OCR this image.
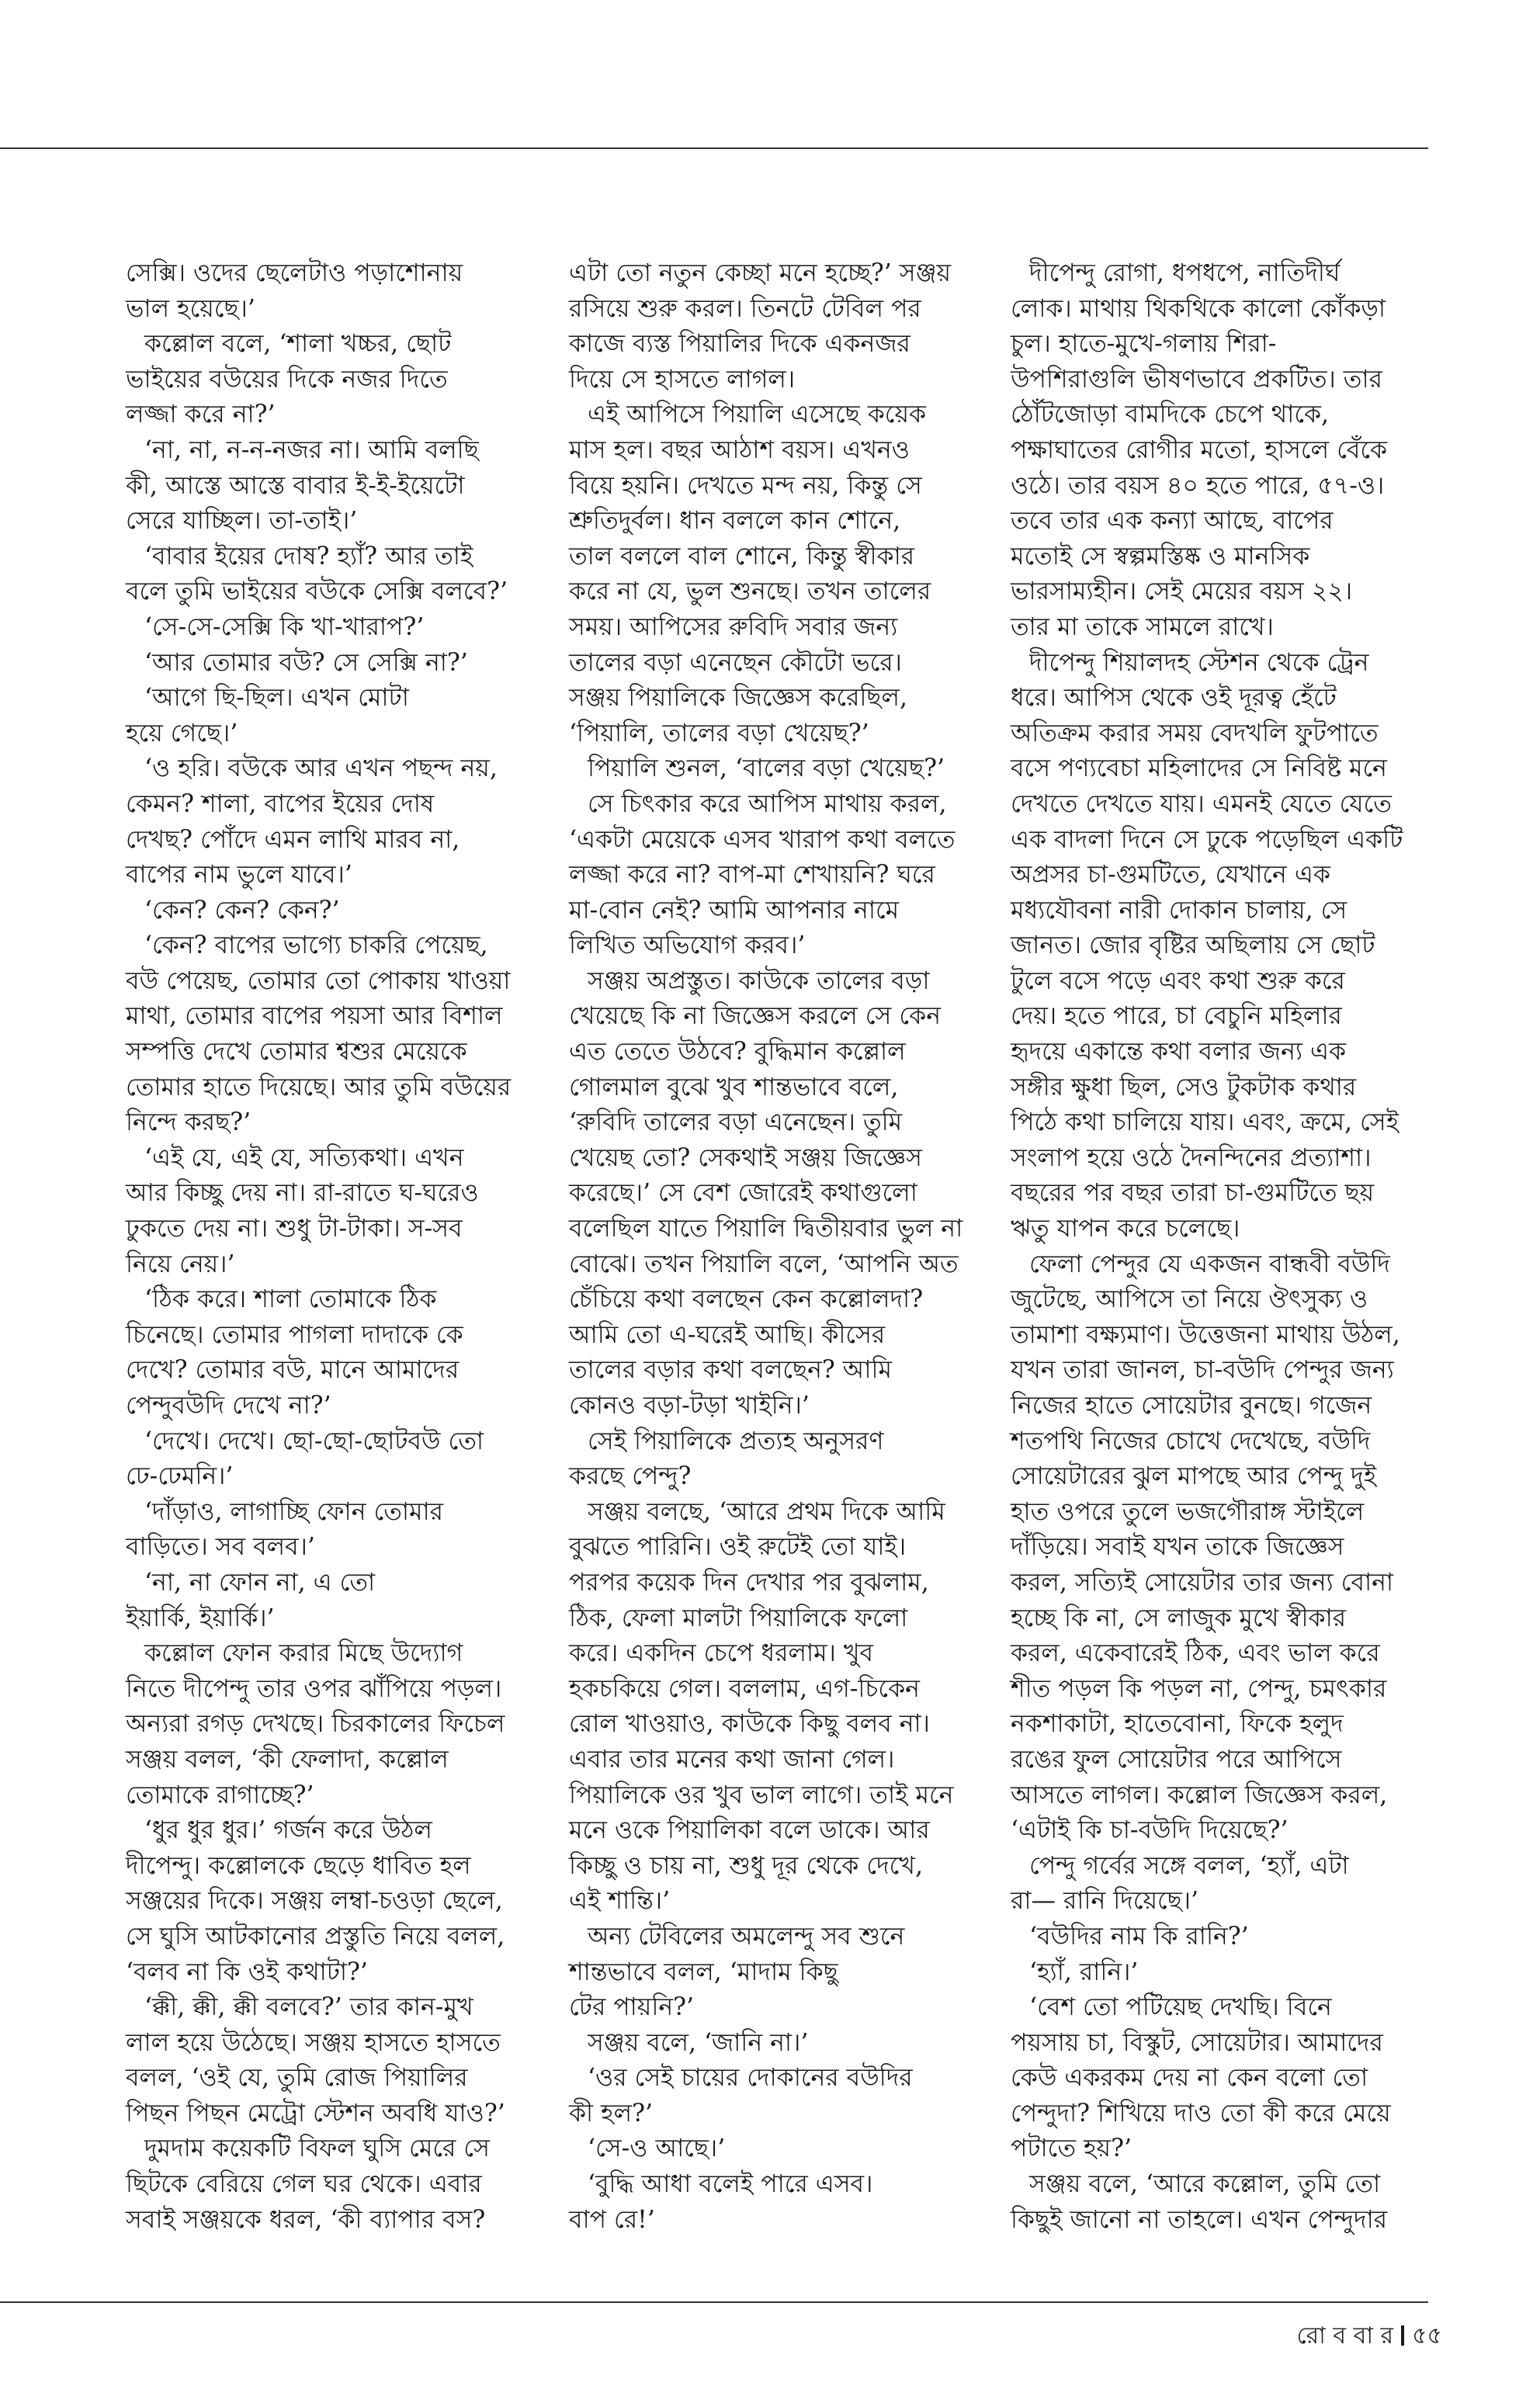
সেক্সি। ওদের ছেলেটাও পড়াশোনায়
ভাল হয়েছে।’
কল্লোল বলে, ‘শালা খচ্চর, ছোট
ভাইয়ের বউয়ের দিকে নজর দিতে
লজ্জা করে না?’
‘না, না, ন-ন-নজর না। আমি বলছি
কী, আস্তে আস্তে বাবার ই-ই-ইয়েটো
সেরে যাচ্ছিল। তা-তাই।’
‘বাবার ইয়ের দোষ? হ্যাঁ? আর তাই
বলে তুমি ভাইয়ের বউকে সেক্সি বলবে?’
‘সে-সে-সেক্সি কি খা-খারাপ?’
‘আর তোমার বউ? সে সেক্সি না?’
‘আগে ছি-ছিল। এখন মোটা
হয়ে গেছে।’
‘ও হরি। বউকে আর এখন পছন্দ নয়,
কেমন? শালা, বাপের ইয়ের দোষ
দেখছ? পোঁদে এমন লাথি মারব না,
বাপের নাম ভুলে যাবে।’
‘কেন? কেন? কেন?’
‘কেন? বাপের ভাগ্যে চাকরি পেয়েছ,
বউ পেয়েছ, তোমার তো পোকায় খাওয়া
মাথা, তোমার বাপের পয়সা আর বিশাল
সম্পত্তি দেখে তোমার শ্বশুর মেয়েকে
তোমার হাতে দিয়েছে। আর তুমি বউয়ের
নিন্দে করছ?’
‘এই যে, এই যে, সত্যিকথা। এখন
আর কিচ্ছু দেয় না। রা-রাতে ঘ-ঘরেও
ঢুকতে দেয় না। শুধু টা-টাকা। স-সব
নিয়ে নেয়।’
‘ঠিক করে। শালা তোমাকে ঠিক
চিনেছে। তোমার পাগলা দাদাকে কে
দেখে? তোমার বউ, মানে আমাদের
পেন্দুবউদি দেখে না?’
‘দেখে। দেখে। ছো-ছো-ছোটবউ তো
ঢে-ঢেমনি।’
‘দাঁড়াও, লাগাচ্ছি ফোন তোমার
বাড়িতে। সব বলব।’
‘না, না ফোন না, এ তো
ইয়ার্কি, ইয়ার্কি।’
কল্লোল ফোন করার মিছে উদ্যোগ
নিতে দীপেন্দু তার ওপর ঝাঁপিয়ে পড়ল।
অন্যরা রগড় দেখছে। চিরকালের ফিচেল
সঞ্জয় বলল, ‘কী ফেলাদা, কল্লোল
তোমাকে রাগাচ্ছে?’
‘ধুর ধুর ধুর।’ গর্জন করে উঠল
দীপেন্দু। কল্লোলকে ছেড়ে ধাবিত হল
সঞ্জয়ের দিকে। সঞ্জয় লম্বা-চওড়া ছেলে,
সে ঘুসি আটকানোর প্রস্তুতি নিয়ে বলল,
‘বলব না কি ওই কথাটা?’
‘ক্কী, ক্কী, ক্কী বলবে?’ তার কান-মুখ
লাল হয়ে উঠেছে। সঞ্জয় হাসতে হাসতে
বলল, ‘ওই যে, তুমি রোজ পিয়ালির
পিছন পিছন মেট্রো স্টেশন অবধি যাও?’
দুমদাম কয়েকটি বিফল ঘুসি মেরে সে
ছিটকে বেরিয়ে গেল ঘর থেকে। এবার
সবাই সঞ্জয়কে ধরল, ‘কী ব্যাপার বস?
এটা তো নতুন কেচ্ছা মনে হচ্ছে?’ সঞ্জয়
রসিয়ে শুরু করল। তিনটে টেবিল পর
কাজে ব্যস্ত পিয়ালির দিকে একনজর
দিয়ে সে হাসতে লাগল।
এই আপিসে পিয়ালি এসেছে কয়েক
মাস হল। বছর আঠাশ বয়স। এখনও
বিয়ে হয়নি। দেখতে মন্দ নয়, কিন্তু সে
শ্রুতিদুর্বল। ধান বললে কান শোনে,
তাল বললে বাল শোনে, কিন্তু স্বীকার
করে না যে, ভুল শুনছে। তখন তালের
সময়। আপিসের রুবিদি সবার জন্য
তালের বড়া এনেছেন কৌটো ভরে।
সঞ্জয় পিয়ালিকে জিজ্ঞেস করেছিল,
‘পিয়ালি, তালের বড়া খেয়েছ?’
পিয়ালি শুনল, ‘বালের বড়া খেয়েছ?’
সে চিৎকার করে আপিস মাথায় করল,
‘একটা মেয়েকে এসব খারাপ কথা বলতে
লজ্জা করে না? বাপ-মা শেখায়নি? ঘরে
মা-বোন নেই? আমি আপনার নামে
লিখিত অভিযোগ করব।’
সঞ্জয় অপ্রস্তুত। কাউকে তালের বড়া
খেয়েছে কি না জিজ্ঞেস করলে সে কেন
এত তেতে উঠবে? বুদ্ধিমান কল্লোল
গোলমাল বুঝে খুব শান্তভাবে বলে,
‘রুবিদি তালের বড়া এনেছেন। তুমি
খেয়েছ তো? সেকথাই সঞ্জয় জিজ্ঞেস
করেছে।’ সে বেশ জোরেই কথাগুলো
বলেছিল যাতে পিয়ালি দ্বিতীয়বার ভুল না
বোঝে। তখন পিয়ালি বলে, ‘আপনি অত
চেঁচিয়ে কথা বলছেন কেন কল্লোলদা?
আমি তো এ-ঘরেই আছি। কীসের
তালের বড়ার কথা বলছেন? আমি
কোনও বড়া-টড়া খাইনি।’
সেই পিয়ালিকে প্রত্যহ অনুসরণ
করছে পেন্দু?
সঞ্জয় বলছে, ‘আরে প্রথম দিকে আমি
বুঝতে পারিনি। ওই রুটেই তো যাই।
পরপর কয়েক দিন দেখার পর বুঝলাম,
ঠিক, ফেলা মালটা পিয়ালিকে ফলো
করে। একদিন চেপে ধরলাম। খুব
হকচকিয়ে গেল। বললাম, এগ-চিকেন
রোল খাওয়াও, কাউকে কিছু বলব না।
এবার তার মনের কথা জানা গেল।
পিয়ালিকে ওর খুব ভাল লাগে। তাই মনে
মনে ওকে পিয়ালিকা বলে ডাকে। আর
কিচ্ছু ও চায় না, শুধু দূর থেকে দেখে,
এই শান্তি।’
অন্য টেবিলের অমলেন্দু সব শুনে
শান্তভাবে বলল, ‘মাদাম কিছু
টের পায়নি?’
সঞ্জয় বলে, ‘জানি না।’
‘ওর সেই চায়ের দোকানের বউদির
কী হল?’
‘সে-ও আছে।’
‘বুদ্ধি আধা বলেই পারে এসব।
বাপ রে!’
দীপেন্দু রোগা, ধপধপে, নাতিদীর্ঘ
লোক। মাথায় থিকথিকে কালো কোঁকড়া
চুল। হাতে-মুখে-গলায় শিরা-
উপশিরাগুলি ভীষণভাবে প্রকটিত। তার
ঠোঁটজোড়া বামদিকে চেপে থাকে,
পক্ষাঘাতের রোগীর মতো, হাসলে বেঁকে
ওঠে। তার বয়স ৪০ হতে পারে, ৫৭-ও।
তবে তার এক কন্যা আছে, বাপের
মতোই সে স্বল্পমস্তিষ্ক ও মানসিক
ভারসাম্যহীন। সেই মেয়ের বয়স ২২।
তার মা তাকে সামলে রাখে।
দীপেন্দু শিয়ালদহ স্টেশন থেকে ট্রেন
ধরে। আপিস থেকে ওই দূরত্ব হেঁটে
অতিক্রম করার সময় বেদখলি ফুটপাতে
বসে পণ্যবেচা মহিলাদের সে নিবিষ্ট মনে
দেখতে দেখতে যায়। এমনই যেতে যেতে
এক বাদলা দিনে সে ঢুকে পড়েছিল একটি
অপ্রসর চা-গুমটিতে, যেখানে এক
মধ্যযৌবনা নারী দোকান চালায়, সে
জানত। জোর বৃষ্টির অছিলায় সে ছোট
টুলে বসে পড়ে এবং কথা শুরু করে
দেয়। হতে পারে, চা বেচুনি মহিলার
হৃদয়ে একান্তে কথা বলার জন্য এক
সঙ্গীর ক্ষুধা ছিল, সেও টুকটাক কথার
পিঠে কথা চালিয়ে যায়। এবং, ক্রমে, সেই
সংলাপ হয়ে ওঠে দৈনন্দিনের প্রত্যাশা।
বছরের পর বছর তারা চা-গুমটিতে ছয়
ঋতু যাপন করে চলেছে।
ফেলা পেন্দুর যে একজন বান্ধবী বউদি
জুটেছে, আপিসে তা নিয়ে ঔৎসুক্য ও
তামাশা বক্ষ্যমাণ। উত্তেজনা মাথায় উঠল,
যখন তারা জানল, চা-বউদি পেন্দুর জন্য
নিজের হাতে সোয়েটার বুনছে। গজেন
শতপথি নিজের চোখে দেখেছে, বউদি
সোয়েটারের ঝুল মাপছে আর পেন্দু দুই
হাত ওপরে তুলে ভজগৌরাঙ্গ স্টাইলে
দাঁড়িয়ে। সবাই যখন তাকে জিজ্ঞেস
করল, সত্যিই সোয়েটার তার জন্য বোনা
হচ্ছে কি না, সে লাজুক মুখে স্বীকার
করল, একেবারেই ঠিক, এবং ভাল করে
শীত পড়ল কি পড়ল না, পেন্দু, চমৎকার
নকশাকাটা, হাতেবোনা, ফিকে হলুদ
রঙের ফুল সোয়েটার পরে আপিসে
আসতে লাগল। কল্লোল জিজ্ঞেস করল,
‘এটাই কি চা-বউদি দিয়েছে?’
পেন্দু গর্বের সঙ্গে বলল, ‘হ্যাঁ, এটা
রা— রানি দিয়েছে।’
‘বউদির নাম কি রানি?’
‘হ্যাঁ, রানি।’
‘বেশ তো পটিয়েছ দেখছি। বিনে
পয়সায় চা, বিস্কুট, সোয়েটার। আমাদের
কেউ একরকম দেয় না কেন বলো তো
পেন্দুদা? শিখিয়ে দাও তো কী করে মেয়ে
পটাতে হয়?’
সঞ্জয় বলে, ‘আরে কল্লোল, তুমি তো
কিছুই জানো না তাহলে। এখন পেন্দুদার
রো ব বা র ৫৫
